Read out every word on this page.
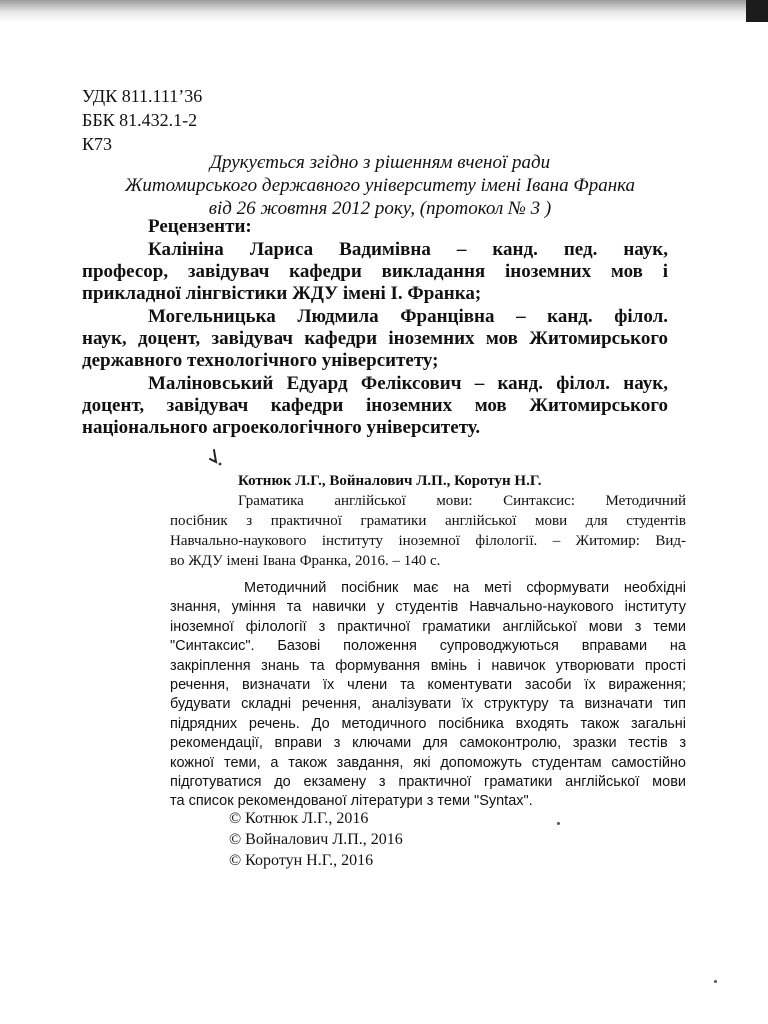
УДК 811.111’36
ББК 81.432.1-2
К73
Друкується згідно з рішенням вченої ради
Житомирського державного університету імені Івана Франка
від 26 жовтня 2012 року, (протокол № 3 )
Рецензенти:
Калініна Лариса Вадимівна – канд. пед. наук,
професор, завідувач кафедри викладання іноземних мов і
прикладної лінгвістики ЖДУ імені І. Франка;
Могельницька Людмила Францівна – канд. філол.
наук, доцент, завідувач кафедри іноземних мов Житомирського
державного технологічного університету;
Маліновський Едуард Феліксович – канд. філол. наук,
доцент, завідувач кафедри іноземних мов Житомирського
національного агроекологічного університету.
Котнюк Л.Г., Войналович Л.П., Коротун Н.Г.
Граматика англійської мови: Синтаксис: Методичний
посібник з практичної граматики англійської мови для студентів
Навчально-наукового інституту іноземної філології. – Житомир: Вид-
во ЖДУ імені Івана Франка, 2016. – 140 с.
Методичний посібник має на меті сформувати необхідні
знання, уміння та навички у студентів Навчально-наукового інституту
іноземної філології з практичної граматики англійської мови з теми
"Синтаксис". Базові положення супроводжуються вправами на
закріплення знань та формування вмінь і навичок утворювати прості
речення, визначати їх члени та коментувати засоби їх вираження;
будувати складні речення, аналізувати їх структуру та визначати тип
підрядних речень. До методичного посібника входять також загальні
рекомендації, вправи з ключами для самоконтролю, зразки тестів з
кожної теми, а також завдання, які допоможуть студентам самостійно
підготуватися до екзамену з практичної граматики англійської мови
та список рекомендованої літератури з теми "Syntax".
© Котнюк Л.Г., 2016
© Войналович Л.П., 2016
© Коротун Н.Г., 2016
